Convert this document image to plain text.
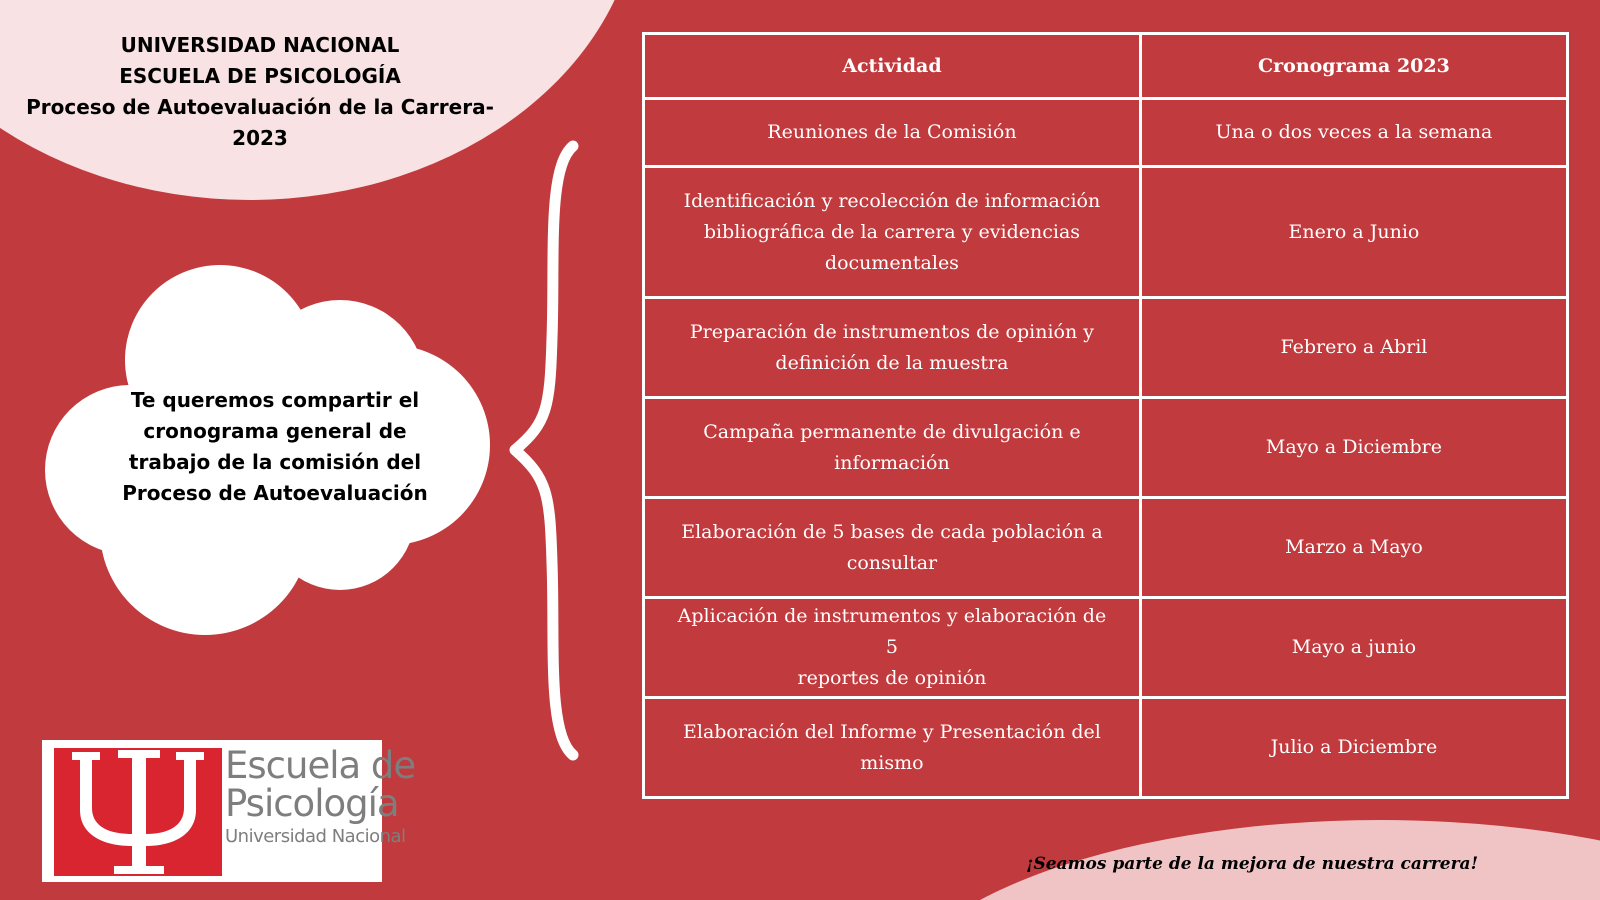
UNIVERSIDAD NACIONAL
ESCUELA DE PSICOLOGÍA
Proceso de Autoevaluación de la Carrera-
2023
Te queremos compartir el
cronograma general de
trabajo de la comisión del
Proceso de Autoevaluación
Escuela de
Psicología
Universidad Nacional
Actividad	Cronograma 2023

Reuniones de la Comisión	Una o dos veces a la semana

Identificación y recolección de información
bibliográfica de la carrera y evidencias
documentales	Enero a Junio

Preparación de instrumentos de opinión y
definición de la muestra	Febrero a Abril

Campaña permanente de divulgación e
información	Mayo a Diciembre

Elaboración de 5 bases de cada población a
consultar	Marzo a Mayo

Aplicación de instrumentos y elaboración de 5
reportes de opinión	Mayo a junio

Elaboración del Informe y Presentación del
mismo	Julio a Diciembre
¡Seamos parte de la mejora de nuestra carrera!
